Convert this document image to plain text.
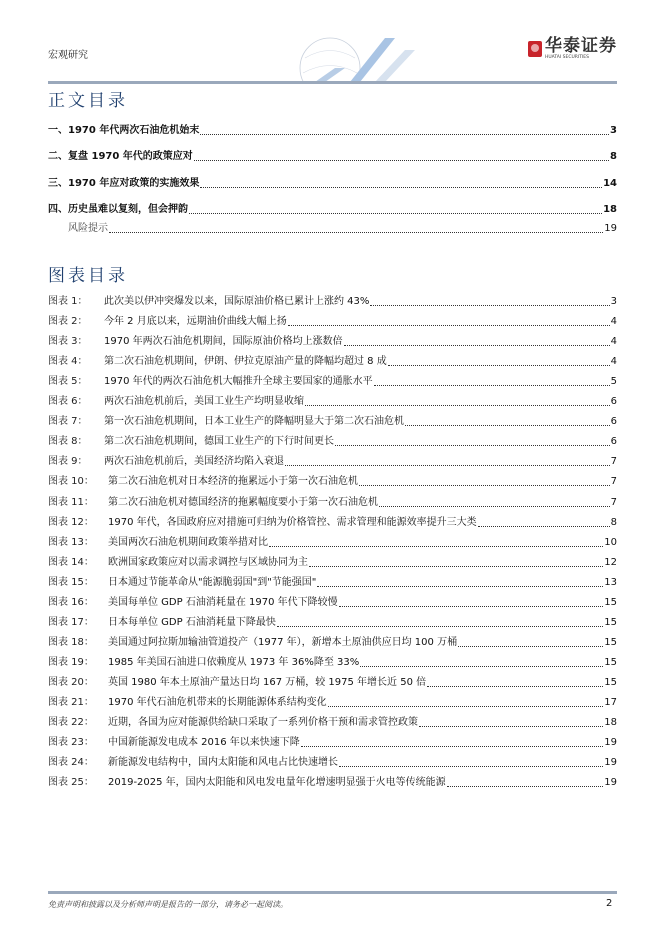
宏观研究	华泰证券
HUATAI SECURITIES
正文目录
一、1970 年代两次石油危机始末	3
二、复盘 1970 年代的政策应对	8
三、1970 年应对政策的实施效果	14
四、历史虽难以复刻，但会押韵	18
风险提示	19
图表目录
图表 1：	此次美以伊冲突爆发以来，国际原油价格已累计上涨约 43%	3
图表 2：	今年 2 月底以来，远期油价曲线大幅上扬	4
图表 3：	1970 年两次石油危机期间，国际原油价格均上涨数倍	4
图表 4：	第二次石油危机期间，伊朗、伊拉克原油产量的降幅均超过 8 成	4
图表 5：	1970 年代的两次石油危机大幅推升全球主要国家的通胀水平	5
图表 6：	两次石油危机前后，美国工业生产均明显收缩	6
图表 7：	第一次石油危机期间，日本工业生产的降幅明显大于第二次石油危机	6
图表 8：	第二次石油危机期间，德国工业生产的下行时间更长	6
图表 9：	两次石油危机前后，美国经济均陷入衰退	7
图表 10：	第二次石油危机对日本经济的拖累远小于第一次石油危机	7
图表 11：	第二次石油危机对德国经济的拖累幅度要小于第一次石油危机	7
图表 12：	1970 年代，各国政府应对措施可归纳为价格管控、需求管理和能源效率提升三大类	8
图表 13：	美国两次石油危机期间政策举措对比	10
图表 14：	欧洲国家政策应对以需求调控与区域协同为主	12
图表 15：	日本通过节能革命从"能源脆弱国"到"节能强国"	13
图表 16：	美国每单位 GDP 石油消耗量在 1970 年代下降较慢	15
图表 17：	日本每单位 GDP 石油消耗量下降最快	15
图表 18：	美国通过阿拉斯加输油管道投产（1977 年），新增本土原油供应日均 100 万桶	15
图表 19：	1985 年美国石油进口依赖度从 1973 年 36%降至 33%	15
图表 20：	英国 1980 年本土原油产量达日均 167 万桶，较 1975 年增长近 50 倍	15
图表 21：	1970 年代石油危机带来的长期能源体系结构变化	17
图表 22：	近期，各国为应对能源供给缺口采取了一系列价格干预和需求管控政策	18
图表 23：	中国新能源发电成本 2016 年以来快速下降	19
图表 24：	新能源发电结构中，国内太阳能和风电占比快速增长	19
图表 25：	2019-2025 年，国内太阳能和风电发电量年化增速明显强于火电等传统能源	19
免责声明和披露以及分析师声明是报告的一部分，请务必一起阅读。	2
